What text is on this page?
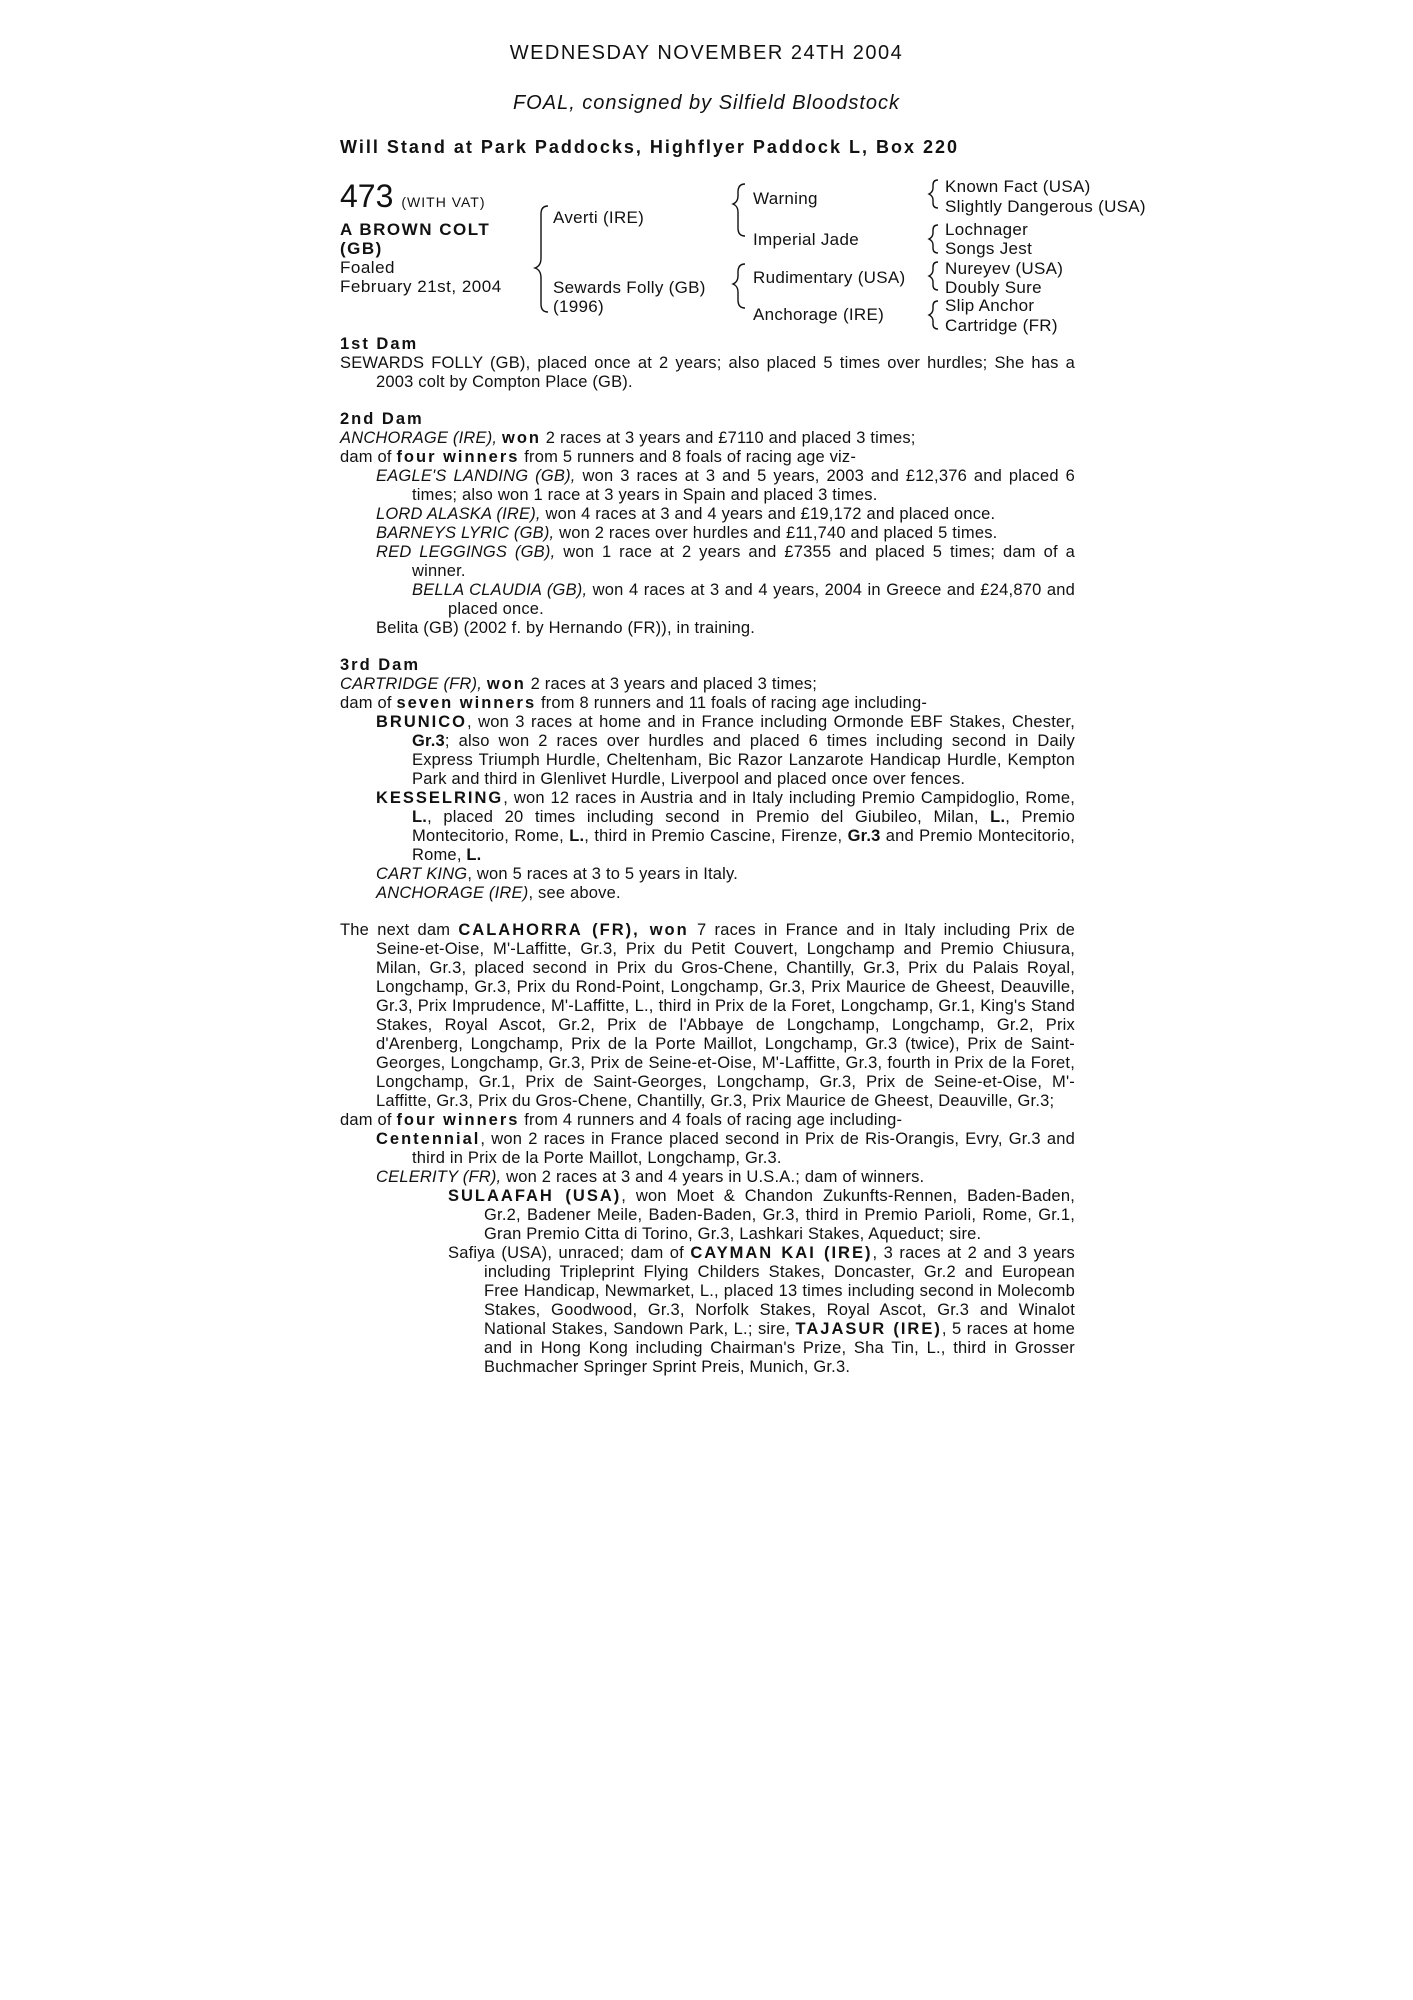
WEDNESDAY NOVEMBER 24TH 2004
FOAL, consigned by Silfield Bloodstock
Will Stand at Park Paddocks, Highflyer Paddock L, Box 220
473 (WITH VAT)
A BROWN COLT
(GB)
Foaled
February 21st, 2004
Averti (IRE)
Sewards Folly (GB)
(1996)
Warning
Imperial Jade
Rudimentary (USA)
Anchorage (IRE)
Known Fact (USA)
Slightly Dangerous (USA)
Lochnager
Songs Jest
Nureyev (USA)
Doubly Sure
Slip Anchor
Cartridge (FR)

1st Dam

SEWARDS FOLLY (GB), placed once at 2 years; also placed 5 times over hurdles; She has a 2003 colt by Compton Place (GB).

2nd Dam

ANCHORAGE (IRE), won 2 races at 3 years and £7110 and placed 3 times;

dam of four winners from 5 runners and 8 foals of racing age viz-

EAGLE'S LANDING (GB), won 3 races at 3 and 5 years, 2003 and £12,376 and placed 6 times; also won 1 race at 3 years in Spain and placed 3 times.

LORD ALASKA (IRE), won 4 races at 3 and 4 years and £19,172 and placed once.

BARNEYS LYRIC (GB), won 2 races over hurdles and £11,740 and placed 5 times.

RED LEGGINGS (GB), won 1 race at 2 years and £7355 and placed 5 times; dam of a winner.

BELLA CLAUDIA (GB), won 4 races at 3 and 4 years, 2004 in Greece and £24,870 and placed once.

Belita (GB) (2002 f. by Hernando (FR)), in training.

3rd Dam

CARTRIDGE (FR), won 2 races at 3 years and placed 3 times;

dam of seven winners from 8 runners and 11 foals of racing age including-

BRUNICO, won 3 races at home and in France including Ormonde EBF Stakes, Chester, Gr.3; also won 2 races over hurdles and placed 6 times including second in Daily Express Triumph Hurdle, Cheltenham, Bic Razor Lanzarote Handicap Hurdle, Kempton Park and third in Glenlivet Hurdle, Liverpool and placed once over fences.

KESSELRING, won 12 races in Austria and in Italy including Premio Campidoglio, Rome, L., placed 20 times including second in Premio del Giubileo, Milan, L., Premio Montecitorio, Rome, L., third in Premio Cascine, Firenze, Gr.3 and Premio Montecitorio, Rome, L.

CART KING, won 5 races at 3 to 5 years in Italy.

ANCHORAGE (IRE), see above.

The next dam CALAHORRA (FR), won 7 races in France and in Italy including Prix de Seine-et-Oise, M'-Laffitte, Gr.3, Prix du Petit Couvert, Longchamp and Premio Chiusura, Milan, Gr.3, placed second in Prix du Gros-Chene, Chantilly, Gr.3, Prix du Palais Royal, Longchamp, Gr.3, Prix du Rond-Point, Longchamp, Gr.3, Prix Maurice de Gheest, Deauville, Gr.3, Prix Imprudence, M'-Laffitte, L., third in Prix de la Foret, Longchamp, Gr.1, King's Stand Stakes, Royal Ascot, Gr.2, Prix de l'Abbaye de Longchamp, Longchamp, Gr.2, Prix d'Arenberg, Longchamp, Prix de la Porte Maillot, Longchamp, Gr.3 (twice), Prix de Saint-Georges, Longchamp, Gr.3, Prix de Seine-et-Oise, M'-Laffitte, Gr.3, fourth in Prix de la Foret, Longchamp, Gr.1, Prix de Saint-Georges, Longchamp, Gr.3, Prix de Seine-et-Oise, M'-Laffitte, Gr.3, Prix du Gros-Chene, Chantilly, Gr.3, Prix Maurice de Gheest, Deauville, Gr.3;

dam of four winners from 4 runners and 4 foals of racing age including-

Centennial, won 2 races in France placed second in Prix de Ris-Orangis, Evry, Gr.3 and third in Prix de la Porte Maillot, Longchamp, Gr.3.

CELERITY (FR), won 2 races at 3 and 4 years in U.S.A.; dam of winners.

SULAAFAH (USA), won Moet & Chandon Zukunfts-Rennen, Baden-Baden, Gr.2, Badener Meile, Baden-Baden, Gr.3, third in Premio Parioli, Rome, Gr.1, Gran Premio Citta di Torino, Gr.3, Lashkari Stakes, Aqueduct; sire.

Safiya (USA), unraced; dam of CAYMAN KAI (IRE), 3 races at 2 and 3 years including Tripleprint Flying Childers Stakes, Doncaster, Gr.2 and European Free Handicap, Newmarket, L., placed 13 times including second in Molecomb Stakes, Goodwood, Gr.3, Norfolk Stakes, Royal Ascot, Gr.3 and Winalot National Stakes, Sandown Park, L.; sire, TAJASUR (IRE), 5 races at home and in Hong Kong including Chairman's Prize, Sha Tin, L., third in Grosser Buchmacher Springer Sprint Preis, Munich, Gr.3.
